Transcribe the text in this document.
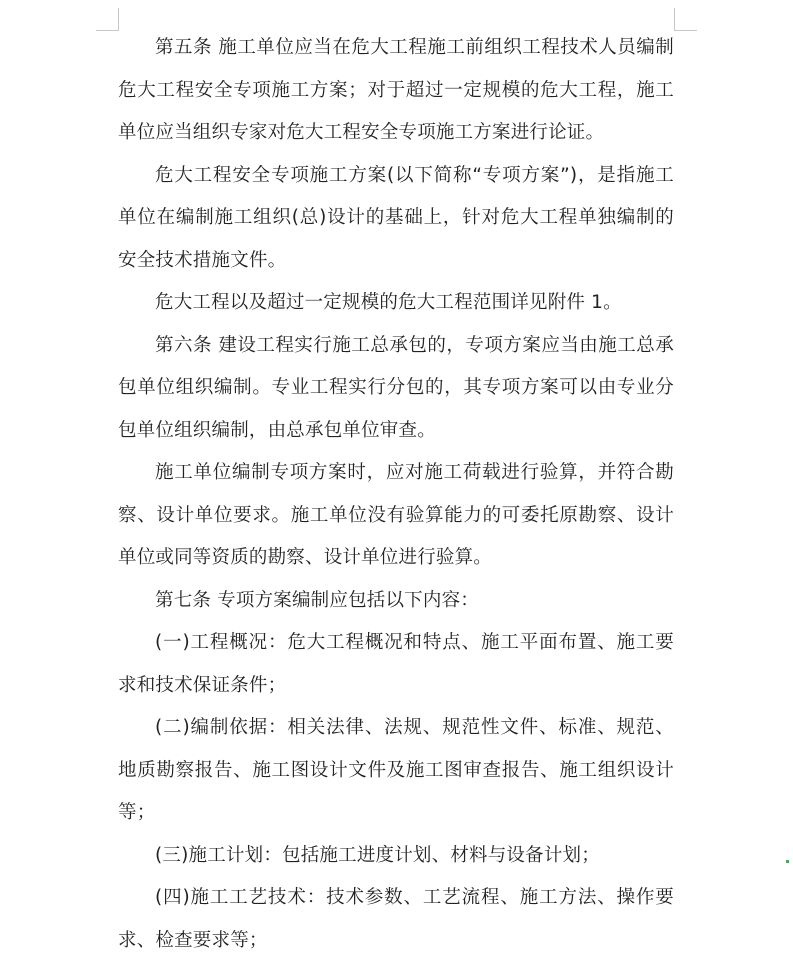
第五条 施工单位应当在危大工程施工前组织工程技术人员编制危大工程安全专项施工方案；对于超过一定规模的危大工程，施工单位应当组织专家对危大工程安全专项施工方案进行论证。

危大工程安全专项施工方案(以下简称“专项方案”)，是指施工单位在编制施工组织(总)设计的基础上，针对危大工程单独编制的安全技术措施文件。

危大工程以及超过一定规模的危大工程范围详见附件 1。

第六条 建设工程实行施工总承包的，专项方案应当由施工总承包单位组织编制。专业工程实行分包的，其专项方案可以由专业分包单位组织编制，由总承包单位审查。

施工单位编制专项方案时，应对施工荷载进行验算，并符合勘察、设计单位要求。施工单位没有验算能力的可委托原勘察、设计单位或同等资质的勘察、设计单位进行验算。

第七条 专项方案编制应包括以下内容：

(一)工程概况：危大工程概况和特点、施工平面布置、施工要求和技术保证条件；

(二)编制依据：相关法律、法规、规范性文件、标准、规范、地质勘察报告、施工图设计文件及施工图审查报告、施工组织设计等；

(三)施工计划：包括施工进度计划、材料与设备计划；

(四)施工工艺技术：技术参数、工艺流程、施工方法、操作要求、检查要求等；
